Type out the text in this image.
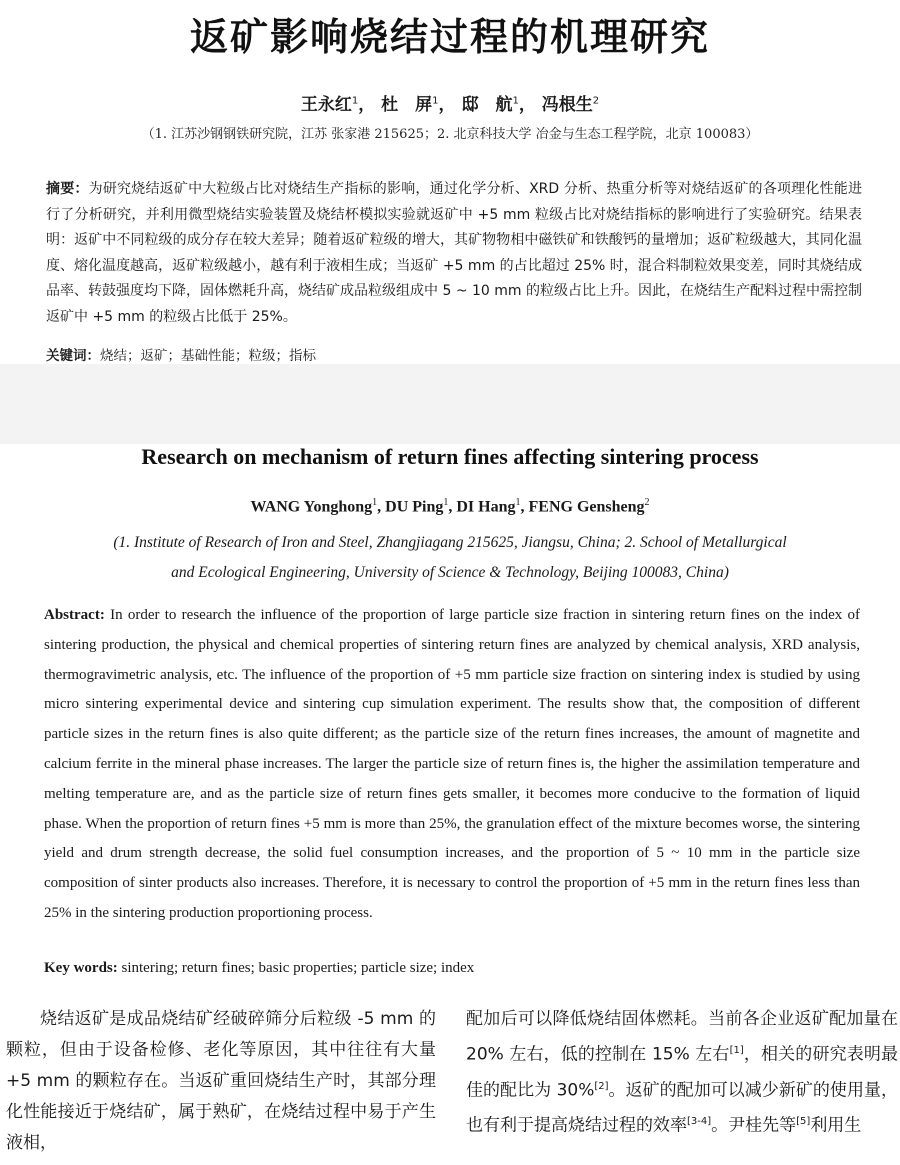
返矿影响烧结过程的机理研究
王永红$^1$， 杜　屏$^1$， 邸　航$^1$， 冯根生$^2$
（1. 江苏沙钢钢铁研究院，江苏 张家港 215625；2. 北京科技大学 冶金与生态工程学院，北京 100083）
摘要：为研究烧结返矿中大粒级占比对烧结生产指标的影响，通过化学分析、XRD 分析、热重分析等对烧结返矿的各项理化性能进行了分析研究，并利用微型烧结实验装置及烧结杯模拟实验就返矿中 +5 mm 粒级占比对烧结指标的影响进行了实验研究。结果表明：返矿中不同粒级的成分存在较大差异；随着返矿粒级的增大，其矿物物相中磁铁矿和铁酸钙的量增加；返矿粒级越大，其同化温度、熔化温度越高，返矿粒级越小，越有利于液相生成；当返矿 +5 mm 的占比超过 25% 时，混合料制粒效果变差，同时其烧结成品率、转鼓强度均下降，固体燃耗升高，烧结矿成品粒级组成中 5 ~ 10 mm 的粒级占比上升。因此，在烧结生产配料过程中需控制返矿中 +5 mm 的粒级占比低于 25%。
关键词：烧结；返矿；基础性能；粒级；指标
Research on mechanism of return fines affecting sintering process
WANG Yonghong$^1$, DU Ping$^1$, DI Hang$^1$, FENG Gensheng$^2$
(1. Institute of Research of Iron and Steel, Zhangjiagang 215625, Jiangsu, China; 2. School of Metallurgical
and Ecological Engineering, University of Science & Technology, Beijing 100083, China)
Abstract: In order to research the influence of the proportion of large particle size fraction in sintering return fines on the index of sintering production, the physical and chemical properties of sintering return fines are analyzed by chemical analysis, XRD analysis, thermogravimetric analysis, etc. The influence of the proportion of +5 mm particle size fraction on sintering index is studied by using micro sintering experimental device and sintering cup simulation experiment. The results show that, the composition of different particle sizes in the return fines is also quite different; as the particle size of the return fines increases, the amount of magnetite and calcium ferrite in the mineral phase increases. The larger the particle size of return fines is, the higher the assimilation temperature and melting temperature are, and as the particle size of return fines gets smaller, it becomes more conducive to the formation of liquid phase. When the proportion of return fines +5 mm is more than 25%, the granulation effect of the mixture becomes worse, the sintering yield and drum strength decrease, the solid fuel consumption increases, and the proportion of 5 ~ 10 mm in the particle size composition of sinter products also increases. Therefore, it is necessary to control the proportion of +5 mm in the return fines less than 25% in the sintering production proportioning process.
Key words: sintering; return fines; basic properties; particle size; index

烧结返矿是成品烧结矿经破碎筛分后粒级 -5 mm 的颗粒，但由于设备检修、老化等原因，其中往往有大量 +5 mm 的颗粒存在。当返矿重回烧结生产时，其部分理化性能接近于烧结矿，属于熟矿，在烧结过程中易于产生液相，

配加后可以降低烧结固体燃耗。当前各企业返矿配加量在 20% 左右，低的控制在 15% 左右[1]，相关的研究表明最佳的配比为 30%[2]。返矿的配加可以减少新矿的使用量，也有利于提高烧结过程的效率[3-4]。尹桂先等[5]利用生
